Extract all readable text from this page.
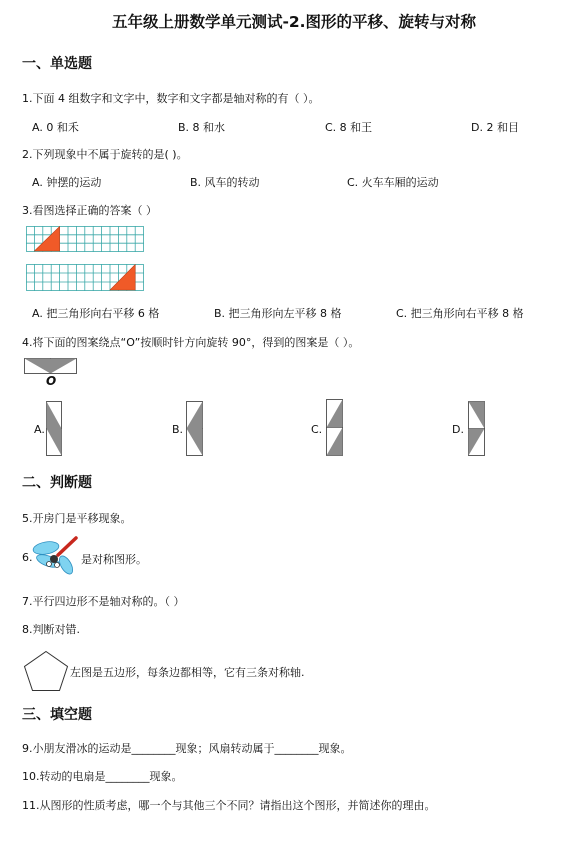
五年级上册数学单元测试-2.图形的平移、旋转与对称
一、单选题
1.下面 4 组数字和文字中，数字和文字都是轴对称的有（ ）。
A. 0 和禾	B. 8 和水	C. 8 和王	D. 2 和目
2.下列现象中不属于旋转的是( )。
A. 钟摆的运动	B. 风车的转动	C. 火车车厢的运动
3.看图选择正确的答案（ ）
A. 把三角形向右平移 6 格	B. 把三角形向左平移 8 格	C. 把三角形向右平移 8 格
4.将下面的图案绕点“O”按顺时针方向旋转 90°，得到的图案是（ ）。
O
A.	B.	C.	D.
二、判断题
5.开房门是平移现象。
6.	是对称图形。
7.平行四边形不是轴对称的。（ ）
8.判断对错.
左图是五边形，每条边都相等，它有三条对称轴.
三、填空题
9.小朋友滑冰的运动是________现象；风扇转动属于________现象。
10.转动的电扇是________现象。
11.从图形的性质考虑，哪一个与其他三个不同？请指出这个图形，并简述你的理由。
